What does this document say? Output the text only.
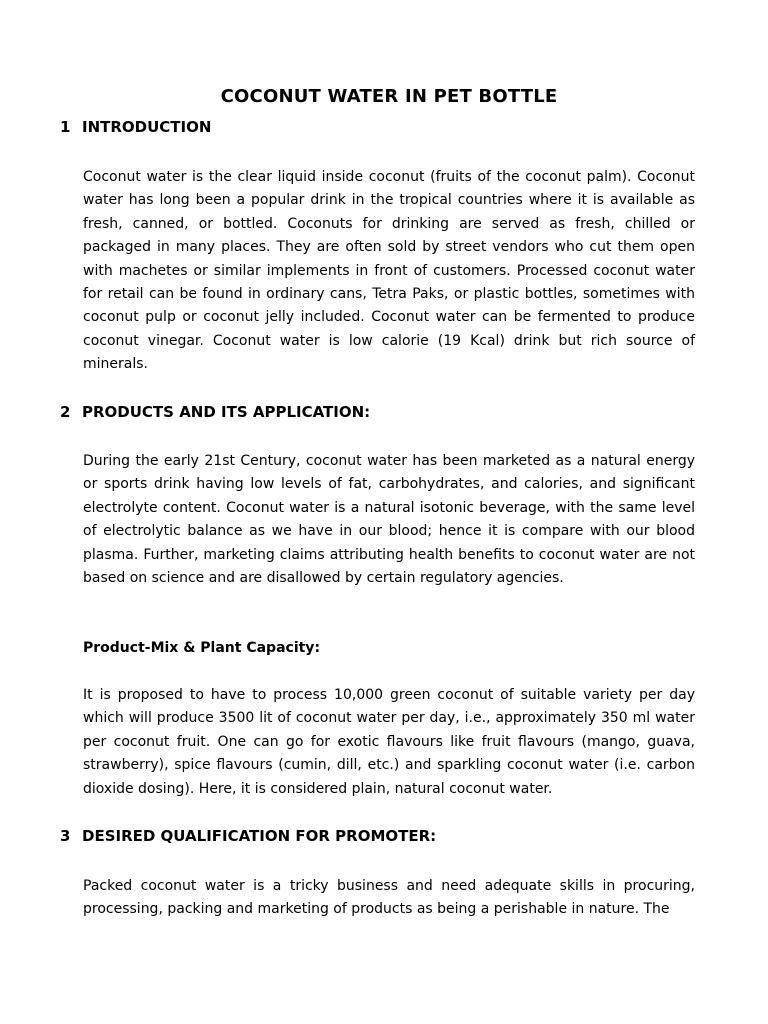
COCONUT WATER IN PET BOTTLE
1 INTRODUCTION

Coconut water is the clear liquid inside coconut (fruits of the coconut palm). Coconut water has long been a popular drink in the tropical countries where it is available as fresh, canned, or bottled. Coconuts for drinking are served as fresh, chilled or packaged in many places. They are often sold by street vendors who cut them open with machetes or similar implements in front of customers. Processed coconut water for retail can be found in ordinary cans, Tetra Paks, or plastic bottles, sometimes with coconut pulp or coconut jelly included. Coconut water can be fermented to produce coconut vinegar. Coconut water is low calorie (19 Kcal) drink but rich source of minerals.

2 PRODUCTS AND ITS APPLICATION:

During the early 21st Century, coconut water has been marketed as a natural energy or sports drink having low levels of fat, carbohydrates, and calories, and significant electrolyte content. Coconut water is a natural isotonic beverage, with the same level of electrolytic balance as we have in our blood; hence it is compare with our blood plasma. Further, marketing claims attributing health benefits to coconut water are not based on science and are disallowed by certain regulatory agencies.

Product-Mix & Plant Capacity:

It is proposed to have to process 10,000 green coconut of suitable variety per day which will produce 3500 lit of coconut water per day, i.e., approximately 350 ml water per coconut fruit. One can go for exotic flavours like fruit flavours (mango, guava, strawberry), spice flavours (cumin, dill, etc.) and sparkling coconut water (i.e. carbon dioxide dosing). Here, it is considered plain, natural coconut water.

3 DESIRED QUALIFICATION FOR PROMOTER:

Packed coconut water is a tricky business and need adequate skills in procuring, processing, packing and marketing of products as being a perishable in nature. The
